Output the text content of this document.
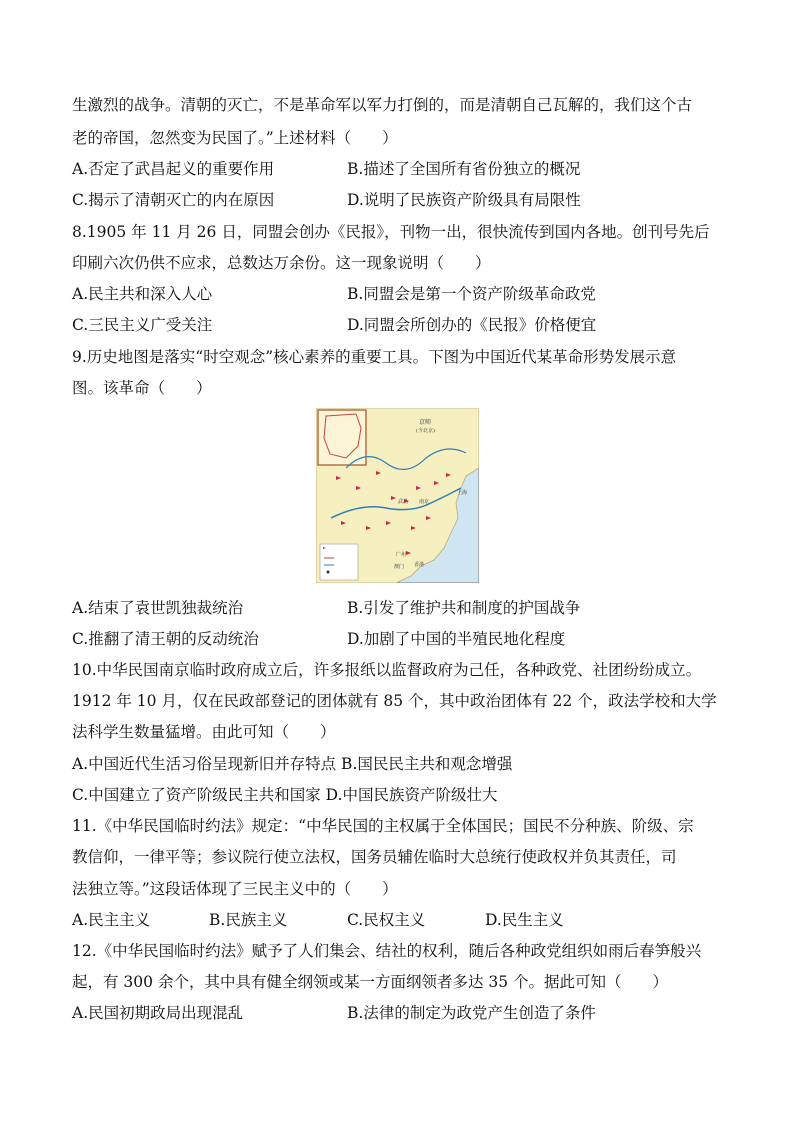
生激烈的战争。清朝的灭亡，不是革命军以军力打倒的，而是清朝自己瓦解的，我们这个古
老的帝国，忽然变为民国了。”上述材料（　　）
A.否定了武昌起义的重要作用	B.描述了全国所有省份独立的概况
C.揭示了清朝灭亡的内在原因	D.说明了民族资产阶级具有局限性
8.1905 年 11 月 26 日，同盟会创办《民报》，刊物一出，很快流传到国内各地。创刊号先后
印刷六次仍供不应求，总数达万余份。这一现象说明（　　）
A.民主共和深入人心	B.同盟会是第一个资产阶级革命政党
C.三民主义广受关注	D.同盟会所创办的《民报》价格便宜
9.历史地图是落实“时空观念”核心素养的重要工具。下图为中国近代某革命形势发展示意
图。该革命（　　）
A.结束了袁世凯独裁统治	B.引发了维护共和制度的护国战争
C.推翻了清王朝的反动统治	D.加剧了中国的半殖民地化程度
10.中华民国南京临时政府成立后，许多报纸以监督政府为己任，各种政党、社团纷纷成立。
1912 年 10 月，仅在民政部登记的团体就有 85 个，其中政治团体有 22 个，政法学校和大学
法科学生数量猛增。由此可知（　　）
A.中国近代生活习俗呈现新旧并存特点 B.国民民主共和观念增强
C.中国建立了资产阶级民主共和国家 D.中国民族资产阶级壮大
11.《中华民国临时约法》规定：“中华民国的主权属于全体国民；国民不分种族、阶级、宗
教信仰，一律平等；参议院行使立法权，国务员辅佐临时大总统行使政权并负其责任，司
法独立等。”这段话体现了三民主义中的（　　）
A.民主主义	B.民族主义	C.民权主义	D.民生主义
12.《中华民国临时约法》赋予了人们集会、结社的权利，随后各种政党组织如雨后春笋般兴
起，有 300 余个，其中具有健全纲领或某一方面纲领者多达 35 个。据此可知（　　）
A.民国初期政局出现混乱	B.法律的制定为政党产生创造了条件
京师
(今北京)
上海
武昌 南京
广州
香港
澳门
